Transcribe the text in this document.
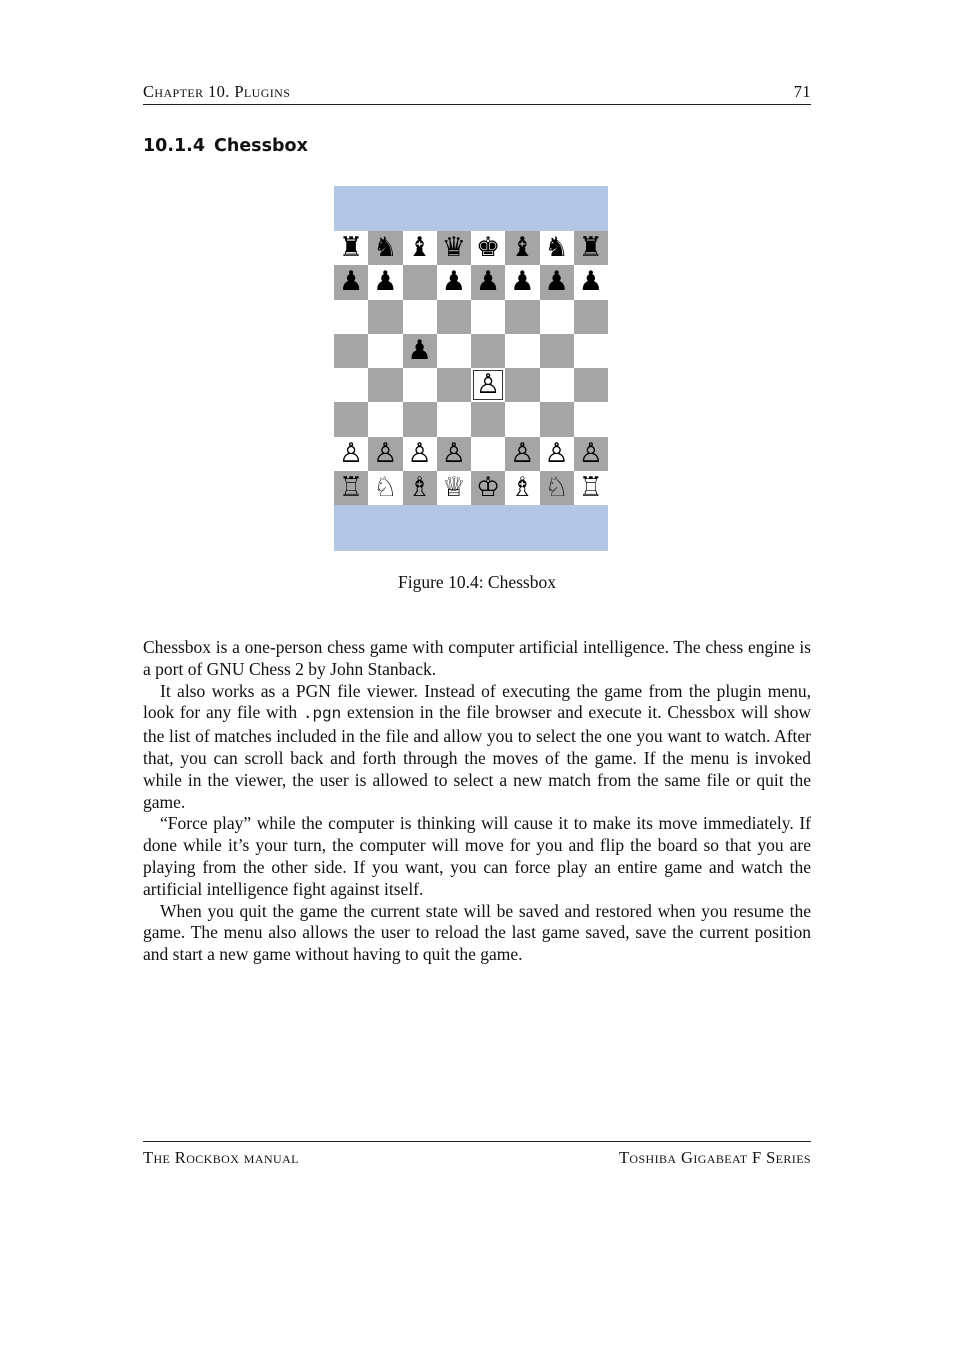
Chapter 10. Plugins	71
10.1.4 Chessbox
♜ ♞ ♝ ♛ ♚ ♝ ♞ ♜
♟ ♟ ♟ ♟ ♟ ♟ ♟
♟
♙
♙ ♙ ♙ ♙ ♙ ♙ ♙
♖ ♘ ♗ ♕ ♔ ♗ ♘ ♖
Figure 10.4: Chessbox

Chessbox is a one-person chess game with computer artificial intelligence. The chess engine is a port of GNU Chess 2 by John Stanback.

It also works as a PGN file viewer. Instead of executing the game from the plugin menu, look for any file with .pgn extension in the file browser and execute it. Chessbox will show the list of matches included in the file and allow you to select the one you want to watch. After that, you can scroll back and forth through the moves of the game. If the menu is invoked while in the viewer, the user is allowed to select a new match from the same file or quit the game.

“Force play” while the computer is thinking will cause it to make its move immediately. If done while it’s your turn, the computer will move for you and flip the board so that you are playing from the other side. If you want, you can force play an entire game and watch the artificial intelligence fight against itself.

When you quit the game the current state will be saved and restored when you resume the game. The menu also allows the user to reload the last game saved, save the current position and start a new game without having to quit the game.

The Rockbox manual	Toshiba Gigabeat F Series
